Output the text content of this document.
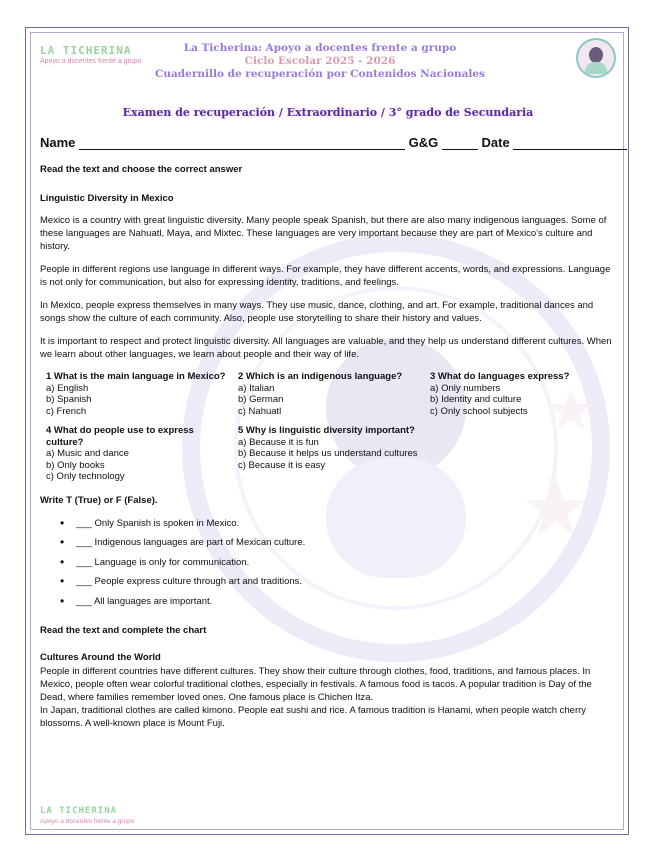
LA TICHERINA
Apoyo a docentes frente a grupo
La Ticherina: Apoyo a docentes frente a grupo
Ciclo Escolar 2025 - 2026
Cuadernillo de recuperación por Contenidos Nacionales
Examen de recuperación / Extraordinario / 3° grado de Secundaria
Name	G&G	Date
Read the text and choose the correct answer
Linguistic Diversity in Mexico

Mexico is a country with great linguistic diversity. Many people speak Spanish, but there are also many indigenous languages. Some of these languages are Nahuatl, Maya, and Mixtec. These languages are very important because they are part of Mexico's culture and history.

People in different regions use language in different ways. For example, they have different accents, words, and expressions. Language is not only for communication, but also for expressing identity, traditions, and feelings.

In Mexico, people express themselves in many ways. They use music, dance, clothing, and art. For example, traditional dances and songs show the culture of each community. Also, people use storytelling to share their history and values.

It is important to respect and protect linguistic diversity. All languages are valuable, and they help us understand different cultures. When we learn about other languages, we learn about people and their way of life.

1 What is the main language in Mexico?
a) English
b) Spanish
c) French
2 Which is an indigenous language?
a) Italian
b) German
c) Nahuatl
3 What do languages express?
a) Only numbers
b) Identity and culture
c) Only school subjects
4 What do people use to express culture?
a) Music and dance
b) Only books
c) Only technology
5 Why is linguistic diversity important?
a) Because it is fun
b) Because it helps us understand cultures
c) Because it is easy
Write T (True) or F (False).
• ___ Only Spanish is spoken in Mexico.
• ___ Indigenous languages are part of Mexican culture.
• ___ Language is only for communication.
• ___ People express culture through art and traditions.
• ___ All languages are important.
Read the text and complete the chart
Cultures Around the World

People in different countries have different cultures. They show their culture through clothes, food, traditions, and famous places. In Mexico, people often wear colorful traditional clothes, especially in festivals. A famous food is tacos. A popular tradition is Day of the Dead, where families remember loved ones. One famous place is Chichen Itza.

In Japan, traditional clothes are called kimono. People eat sushi and rice. A famous tradition is Hanami, when people watch cherry blossoms. A well-known place is Mount Fuji.

LA TICHERINA
Apoyo a docentes frente a grupo
